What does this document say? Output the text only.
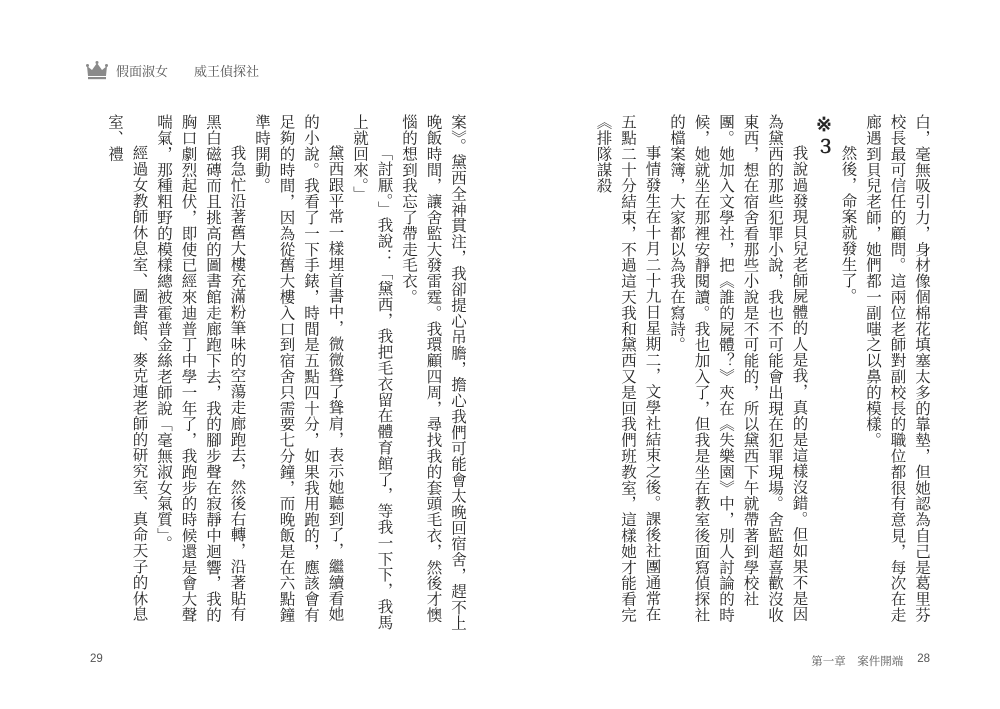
假面淑女 威王偵探社

案》。黛西全神貫注，我卻提心吊膽，擔心我們可能會太晚回宿舍，趕不上晚飯時間，讓舍監大發雷霆。我環顧四周，尋找我的套頭毛衣，然後才懊惱的想到我忘了帶走毛衣。

「討厭。」我說：「黛西，我把毛衣留在體育館了，等我一下下，我馬上就回來。」

黛西跟平常一樣埋首書中，微微聳了聳肩，表示她聽到了，繼續看她的小說。我看了一下手錶，時間是五點四十分，如果我用跑的，應該會有足夠的時間，因為從舊大樓入口到宿舍只需要七分鐘，而晚飯是在六點鐘準時開動。

我急忙沿著舊大樓充滿粉筆味的空蕩走廊跑去，然後右轉，沿著貼有黑白磁磚而且挑高的圖書館走廊跑下去，我的腳步聲在寂靜中迴響，我的胸口劇烈起伏，即使已經來迪普丁中學一年了，我跑步的時候還是會大聲喘氣，那種粗野的模樣總被霍普金絲老師說「毫無淑女氣質」。

經過女教師休息室、圖書館、麥克連老師的研究室、真命天子的休息室、禮

29

白，毫無吸引力，身材像個棉花填塞太多的靠墊，但她認為自己是葛里芬校長最可信任的顧問。這兩位老師對副校長的職位都很有意見，每次在走廊遇到貝兒老師，她們都一副嗤之以鼻的模樣。

然後，命案就發生了。

※３

我說過發現貝兒老師屍體的人是我，真的是這樣沒錯。但如果不是因為黛西的那些犯罪小說，我也不可能會出現在犯罪現場。舍監超喜歡沒收東西，想在宿舍看那些小說是不可能的，所以黛西下午就帶著到學校社團。她加入文學社，把《誰的屍體？》夾在《失樂園》中，別人討論的時候，她就坐在那裡安靜閱讀。我也加入了，但我是坐在教室後面寫偵探社的檔案簿，大家都以為我在寫詩。

事情發生在十月二十九日星期二，文學社結束之後。課後社團通常在五點二十分結束，不過這天我和黛西又是回我們班教室，這樣她才能看完《排隊謀殺

第一章　案件開端 28
